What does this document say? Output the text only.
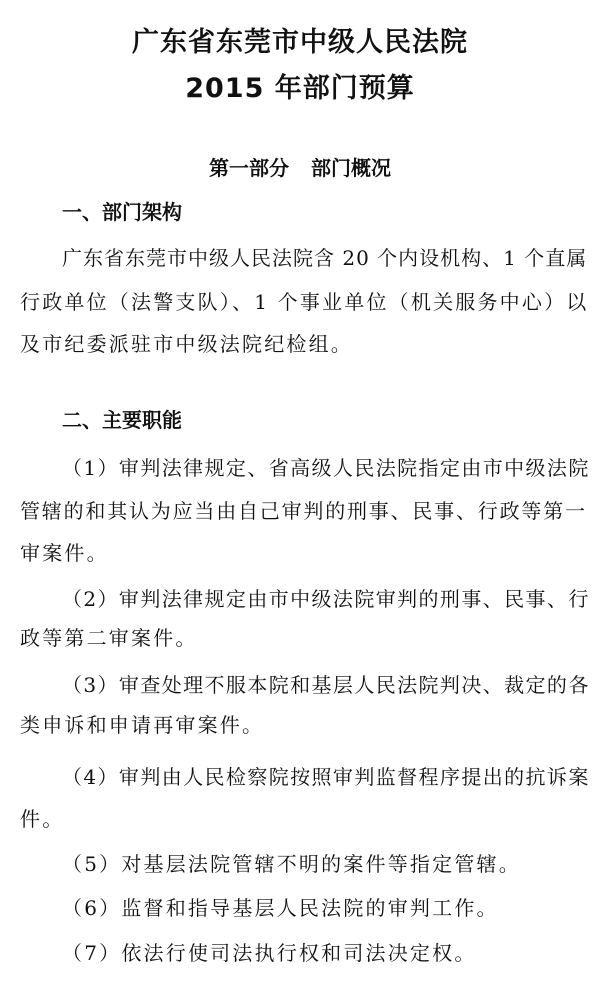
广东省东莞市中级人民法院
2015 年部门预算
第一部分 部门概况
一、部门架构
广东省东莞市中级人民法院含 20 个内设机构、1 个直属
行政单位（法警支队）、1 个事业单位（机关服务中心）以
及市纪委派驻市中级法院纪检组。
二、主要职能
（1）审判法律规定、省高级人民法院指定由市中级法院
管辖的和其认为应当由自己审判的刑事、民事、行政等第一
审案件。
（2）审判法律规定由市中级法院审判的刑事、民事、行
政等第二审案件。
（3）审查处理不服本院和基层人民法院判决、裁定的各
类申诉和申请再审案件。
（4）审判由人民检察院按照审判监督程序提出的抗诉案
件。
（5）对基层法院管辖不明的案件等指定管辖。
（6）监督和指导基层人民法院的审判工作。
（7）依法行使司法执行权和司法决定权。
